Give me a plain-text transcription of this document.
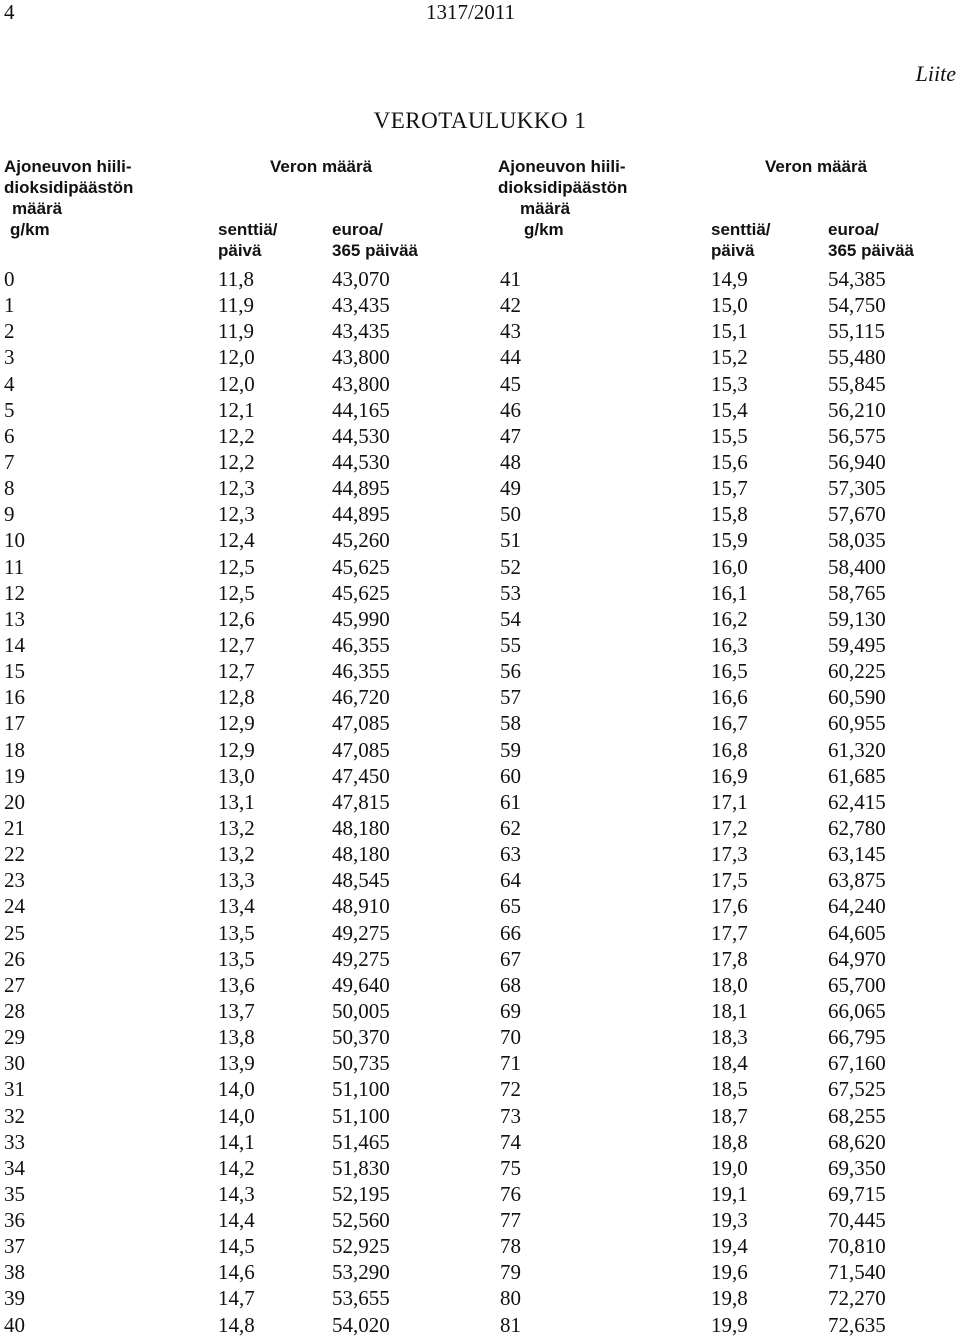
4	1317/2011
Liite
VEROTAULUKKO 1
Ajoneuvon hiili-
dioksidipäästön
määrä
g/km
Veron määrä
senttiä/
päivä
euroa/
365 päivää
Ajoneuvon hiili-
dioksidipäästön
määrä
g/km
Veron määrä
senttiä/
päivä
euroa/
365 päivää
0	11,8	43,070	41	14,9	54,385
1	11,9	43,435	42	15,0	54,750
2	11,9	43,435	43	15,1	55,115
3	12,0	43,800	44	15,2	55,480
4	12,0	43,800	45	15,3	55,845
5	12,1	44,165	46	15,4	56,210
6	12,2	44,530	47	15,5	56,575
7	12,2	44,530	48	15,6	56,940
8	12,3	44,895	49	15,7	57,305
9	12,3	44,895	50	15,8	57,670
10	12,4	45,260	51	15,9	58,035
11	12,5	45,625	52	16,0	58,400
12	12,5	45,625	53	16,1	58,765
13	12,6	45,990	54	16,2	59,130
14	12,7	46,355	55	16,3	59,495
15	12,7	46,355	56	16,5	60,225
16	12,8	46,720	57	16,6	60,590
17	12,9	47,085	58	16,7	60,955
18	12,9	47,085	59	16,8	61,320
19	13,0	47,450	60	16,9	61,685
20	13,1	47,815	61	17,1	62,415
21	13,2	48,180	62	17,2	62,780
22	13,2	48,180	63	17,3	63,145
23	13,3	48,545	64	17,5	63,875
24	13,4	48,910	65	17,6	64,240
25	13,5	49,275	66	17,7	64,605
26	13,5	49,275	67	17,8	64,970
27	13,6	49,640	68	18,0	65,700
28	13,7	50,005	69	18,1	66,065
29	13,8	50,370	70	18,3	66,795
30	13,9	50,735	71	18,4	67,160
31	14,0	51,100	72	18,5	67,525
32	14,0	51,100	73	18,7	68,255
33	14,1	51,465	74	18,8	68,620
34	14,2	51,830	75	19,0	69,350
35	14,3	52,195	76	19,1	69,715
36	14,4	52,560	77	19,3	70,445
37	14,5	52,925	78	19,4	70,810
38	14,6	53,290	79	19,6	71,540
39	14,7	53,655	80	19,8	72,270
40	14,8	54,020	81	19,9	72,635
